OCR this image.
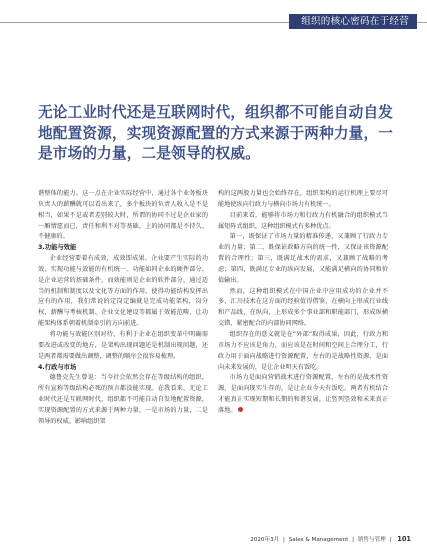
组织的核心密码在于经营
无论工业时代还是互联网时代，组织都不可能自动自发地配置资源，实现资源配置的方式来源于两种力量，一是市场的力量，二是领导的权威。

谐整体的能力。这一点在企业实际经营中，通过各个业务板块负责人的薪酬就可以看出来了，多个板块的负责人收入是不是相当，如果不是或者差别较大时，所谓的协同不过是企业家的一厢情愿而已，责任和利不对等基础，上的协同都是不持久、不健康的。

3.功能与效能

企业经营要着有成效，成效即成果、企业要产生实际的功效，实现功能与效能的有机统一。功能如同企业的硬件部分，是企业运营的基础条件，而效能则是企业的软件部分，通过适当的机制和制度以及文化等方面的作用，使得功能结构发挥出应有的作用，我们常说的定岗定编就是完成功能架构，岗分权、薪酬与考核机制、企业文化建设等都属于效能范畴，让功能架构体系朝着机制牵引的方向前进。

将功能与效能区别对待，有利于企业在组织变革中明确需要改进或改变的地方，是架构出现问题还是机制出现问题，还是两者都需要做出调整，调整的顺序会很容易梳理。

4.行政与市场

德鲁克先生曾说：当今社会依然会存在等级结构的组织，所有宣称等级结构必死的预言都没能实现。在我看来，无论工业时代还是互联网时代，组织都不可能自动自发地配置资源，实现资源配置的方式来源于两种力量，一是市场的力量，二是领导的权威。影响组织架

构的这两股力量也会始终存在，组织架构的运行机理上要尽可能地使纵向行政力与横向市场力有机统一。

目前来看，能够将市场力和行政力有机融合的组织模式当属矩阵式组织，这种组织模式有多种优点。

第一，既保证了市场力量的精准传递，又兼顾了行政力专业的力量；第二，既保证政略方向的统一性，又保证该资源配置的合理性；第三，既满足战术的需求，又兼顾了战略的考虑；第四，既满足专业的纵向发展，又能满足横向的协同和价值输出。

然而，这种组织模式在中国企业中应用成功的企业并不多，汇川技术在这方面的经验值得借鉴，在横向上形成行业线和产品线，在纵向，上形成多个事业部和职能部门，形成纵横交错、紧密配合的内部协同网络。

组织存在的意义就是在“外部”取得成果，因此，行政力和市场力不应该是角力，而应该是在时间和空间上合理分工，行政力用于面向战略进行资源配置，左右的是战略性资源，是面向未来发展的，是让企业明天有饭吃。

市场力是面向营销战术进行资源配置，左右的是战术性资源，是面向现实生存的，是让企业今天有饭吃。两者有机结合才能真正实现短期和长期的和谐发展，让竖列竖效和未来真正落地。

2020年3月 | Sales & Management | 销售与管理 | 101
